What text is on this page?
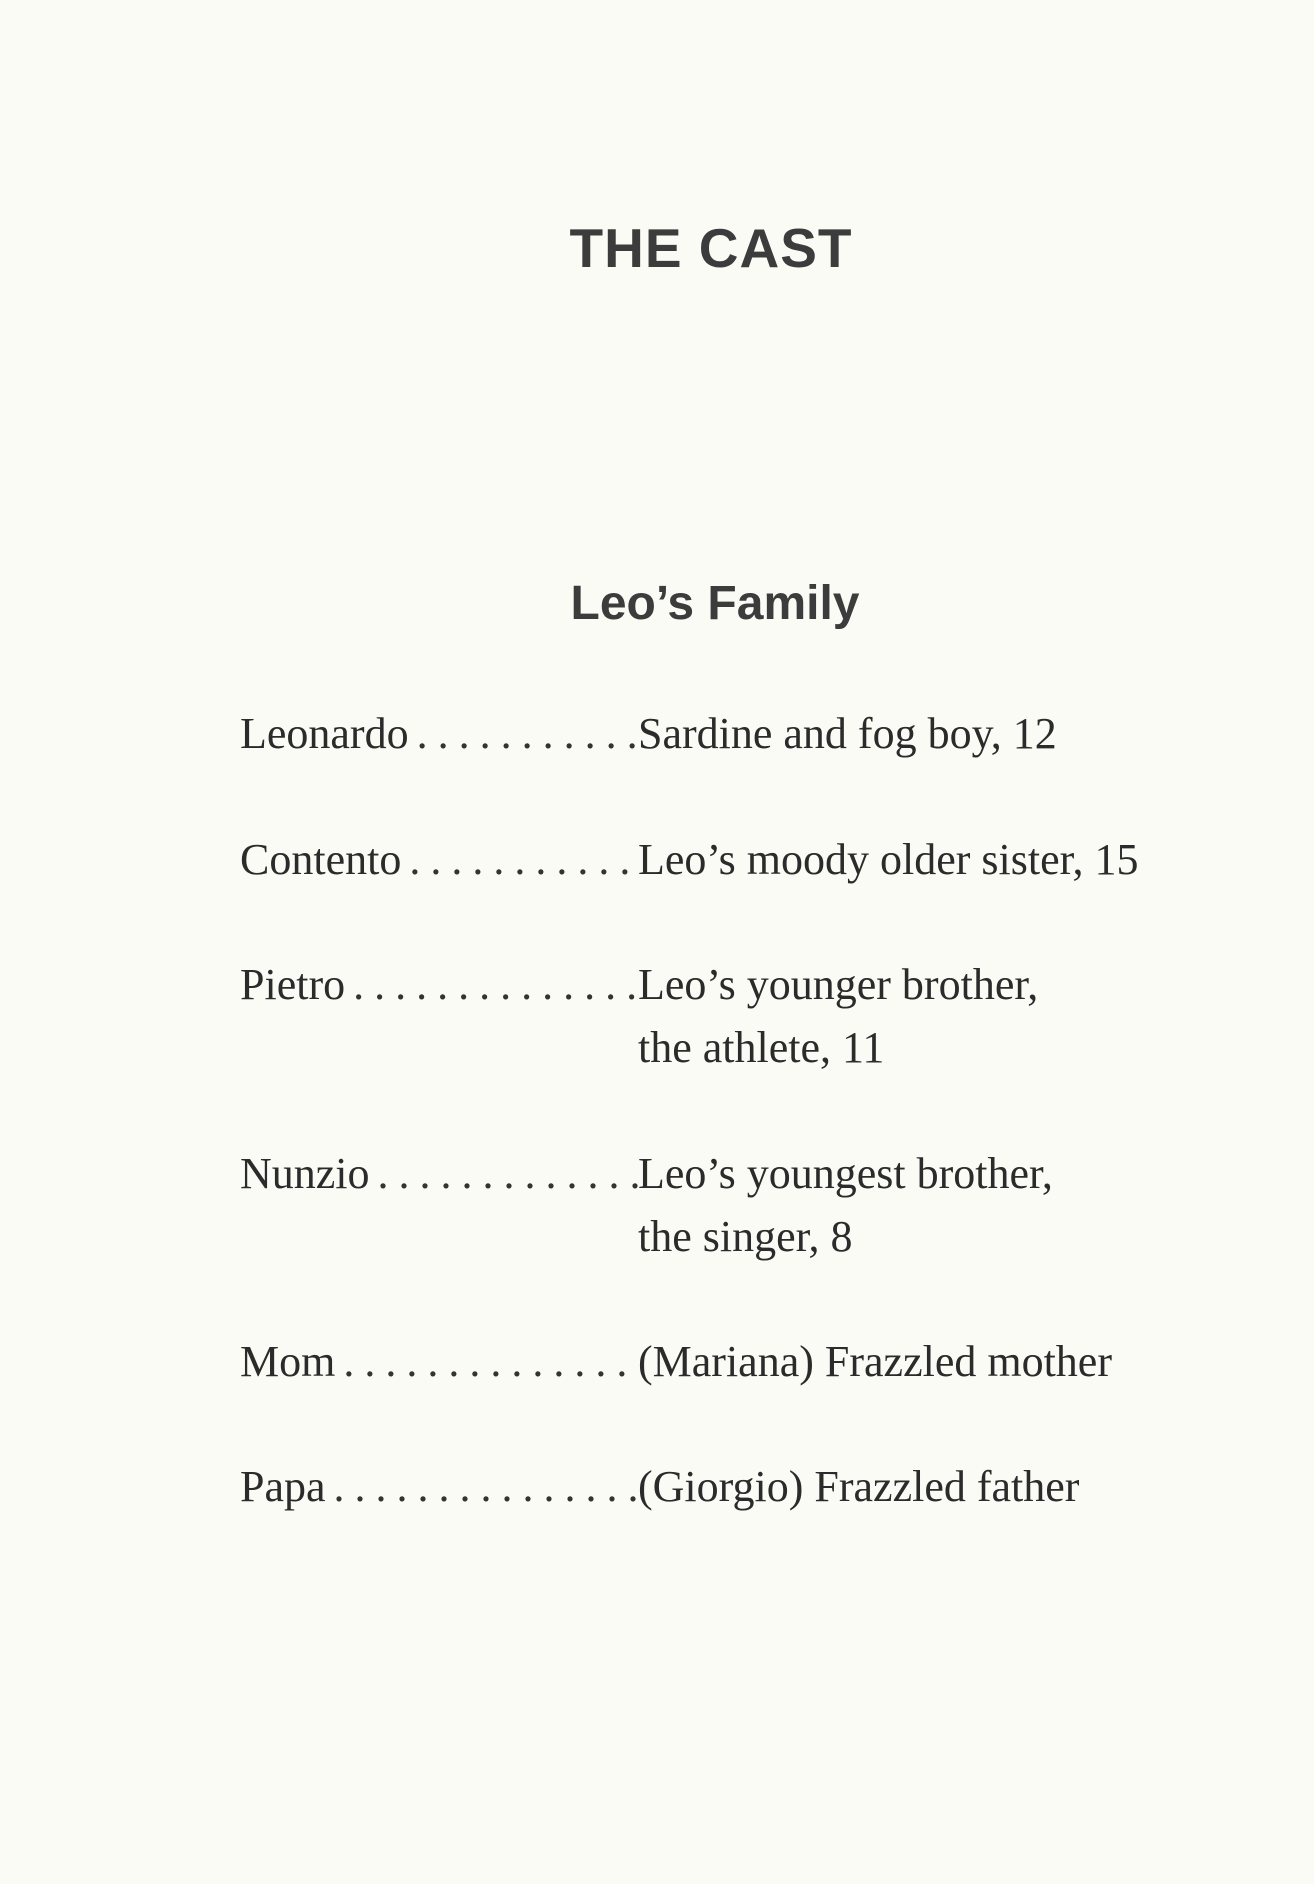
THE CAST
Leo’s Family
Leonardo . . .	Sardine and fog boy, 12
Contento . . .	Leo’s moody older sister, 15
Pietro . . .	Leo’s younger brother,
the athlete, 11
Nunzio . . .	Leo’s youngest brother,
the singer, 8
Mom . . .	(Mariana) Frazzled mother
Papa . . .	(Giorgio) Frazzled father
